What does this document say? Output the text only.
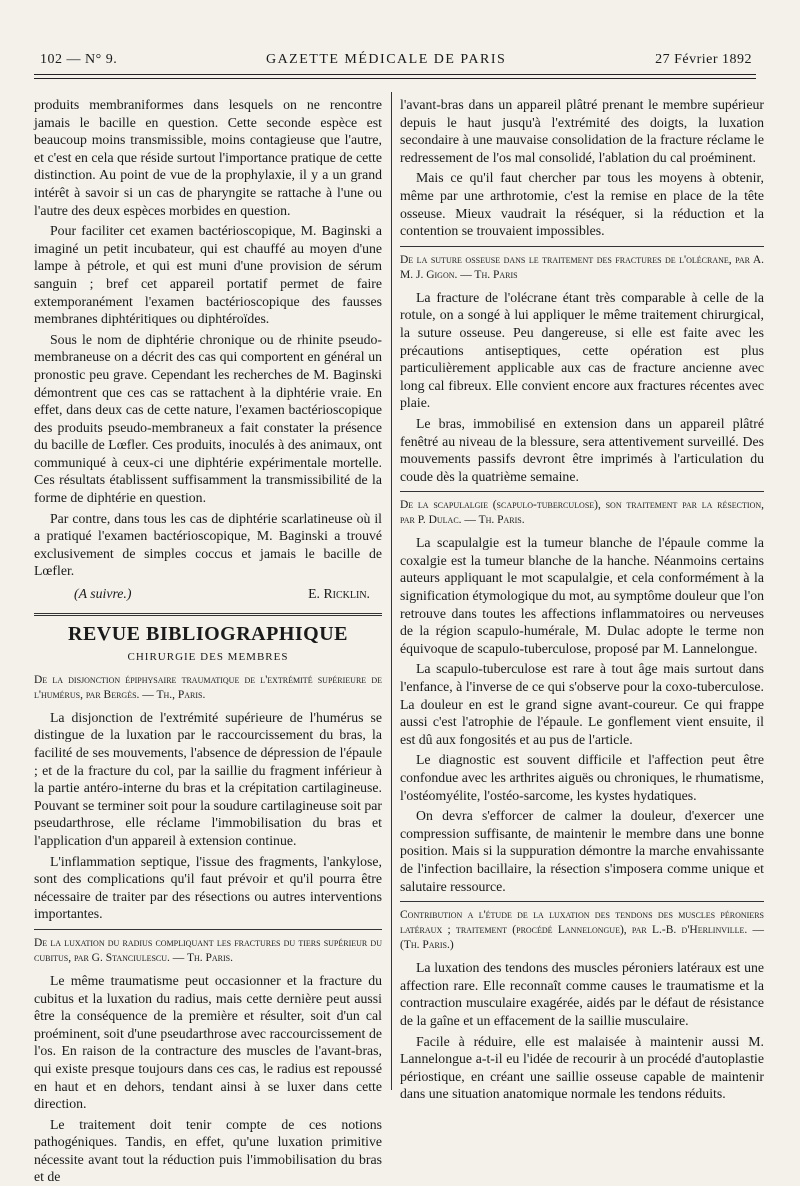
102 — N° 9.	GAZETTE MÉDICALE DE PARIS	27 Février 1892

produits membraniformes dans lesquels on ne rencontre jamais le bacille en question. Cette seconde espèce est beaucoup moins transmissible, moins contagieuse que l'autre, et c'est en cela que réside surtout l'importance pratique de cette distinction. Au point de vue de la prophylaxie, il y a un grand intérêt à savoir si un cas de pharyngite se rattache à l'une ou l'autre des deux espèces morbides en question.

Pour faciliter cet examen bactérioscopique, M. Baginski a imaginé un petit incubateur, qui est chauffé au moyen d'une lampe à pétrole, et qui est muni d'une provision de sérum sanguin ; bref cet appareil portatif permet de faire extemporanément l'examen bactérioscopique des fausses membranes diphtéritiques ou diphtéroïdes.

Sous le nom de diphtérie chronique ou de rhinite pseudo-membraneuse on a décrit des cas qui comportent en général un pronostic peu grave. Cependant les recherches de M. Baginski démontrent que ces cas se rattachent à la diphtérie vraie. En effet, dans deux cas de cette nature, l'examen bactérioscopique des produits pseudo-membraneux a fait constater la présence du bacille de Lœfler. Ces produits, inoculés à des animaux, ont communiqué à ceux-ci une diphtérie expérimentale mortelle. Ces résultats établissent suffisamment la transmissibilité de la forme de diphtérie en question.

Par contre, dans tous les cas de diphtérie scarlatineuse où il a pratiqué l'examen bactérioscopique, M. Baginski a trouvé exclusivement de simples coccus et jamais le bacille de Lœfler.

(A suivre.)	E. Ricklin.
REVUE BIBLIOGRAPHIQUE
CHIRURGIE DES MEMBRES
De la disjonction épiphysaire traumatique de l'extrémité supérieure de l'humérus, par Bergès. — Th., Paris.

La disjonction de l'extrémité supérieure de l'humérus se distingue de la luxation par le raccourcissement du bras, la facilité de ses mouvements, l'absence de dépression de l'épaule ; et de la fracture du col, par la saillie du fragment inférieur à la partie antéro-interne du bras et la crépitation cartilagineuse. Pouvant se terminer soit pour la soudure cartilagineuse soit par pseudarthrose, elle réclame l'immobilisation du bras et l'application d'un appareil à extension continue.

L'inflammation septique, l'issue des fragments, l'ankylose, sont des complications qu'il faut prévoir et qu'il pourra être nécessaire de traiter par des résections ou autres interventions importantes.

De la luxation du radius compliquant les fractures du tiers supérieur du cubitus, par G. Stanciulescu. — Th. Paris.

Le même traumatisme peut occasionner et la fracture du cubitus et la luxation du radius, mais cette dernière peut aussi être la conséquence de la première et résulter, soit d'un cal proéminent, soit d'une pseudarthrose avec raccourcissement de l'os. En raison de la contracture des muscles de l'avant-bras, qui existe presque toujours dans ces cas, le radius est repoussé en haut et en dehors, tendant ainsi à se luxer dans cette direction.

Le traitement doit tenir compte de ces notions pathogéniques. Tandis, en effet, qu'une luxation primitive nécessite avant tout la réduction puis l'immobilisation du bras et de

l'avant-bras dans un appareil plâtré prenant le membre supérieur depuis le haut jusqu'à l'extrémité des doigts, la luxation secondaire à une mauvaise consolidation de la fracture réclame le redressement de l'os mal consolidé, l'ablation du cal proéminent.

Mais ce qu'il faut chercher par tous les moyens à obtenir, même par une arthrotomie, c'est la remise en place de la tête osseuse. Mieux vaudrait la réséquer, si la réduction et la contention se trouvaient impossibles.

De la suture osseuse dans le traitement des fractures de l'olécrane, par A. M. J. Gigon. — Th. Paris

La fracture de l'olécrane étant très comparable à celle de la rotule, on a songé à lui appliquer le même traitement chirurgical, la suture osseuse. Peu dangereuse, si elle est faite avec les précautions antiseptiques, cette opération est plus particulièrement applicable aux cas de fracture ancienne avec long cal fibreux. Elle convient encore aux fractures récentes avec plaie.

Le bras, immobilisé en extension dans un appareil plâtré fenêtré au niveau de la blessure, sera attentivement surveillé. Des mouvements passifs devront être imprimés à l'articulation du coude dès la quatrième semaine.

De la scapulalgie (scapulo-tuberculose), son traitement par la résection, par P. Dulac. — Th. Paris.

La scapulalgie est la tumeur blanche de l'épaule comme la coxalgie est la tumeur blanche de la hanche. Néanmoins certains auteurs appliquant le mot scapulalgie, et cela conformément à la signification étymologique du mot, au symptôme douleur que l'on retrouve dans toutes les affections inflammatoires ou nerveuses de la région scapulo-humérale, M. Dulac adopte le terme non équivoque de scapulo-tuberculose, proposé par M. Lannelongue.

La scapulo-tuberculose est rare à tout âge mais surtout dans l'enfance, à l'inverse de ce qui s'observe pour la coxo-tuberculose. La douleur en est le grand signe avant-coureur. Ce qui frappe aussi c'est l'atrophie de l'épaule. Le gonflement vient ensuite, il est dû aux fongosités et au pus de l'article.

Le diagnostic est souvent difficile et l'affection peut être confondue avec les arthrites aiguës ou chroniques, le rhumatisme, l'ostéomyélite, l'ostéo-sarcome, les kystes hydatiques.

On devra s'efforcer de calmer la douleur, d'exercer une compression suffisante, de maintenir le membre dans une bonne position. Mais si la suppuration démontre la marche envahissante de l'infection bacillaire, la résection s'imposera comme unique et salutaire ressource.

Contribution a l'étude de la luxation des tendons des muscles péroniers latéraux ; traitement (procédé Lannelongue), par L.-B. d'Herlinville. — (Th. Paris.)

La luxation des tendons des muscles péroniers latéraux est une affection rare. Elle reconnaît comme causes le traumatisme et la contraction musculaire exagérée, aidés par le défaut de résistance de la gaîne et un effacement de la saillie musculaire.

Facile à réduire, elle est malaisée à maintenir aussi M. Lannelongue a-t-il eu l'idée de recourir à un procédé d'autoplastie périostique, en créant une saillie osseuse capable de maintenir dans une situation anatomique normale les tendons réduits.
